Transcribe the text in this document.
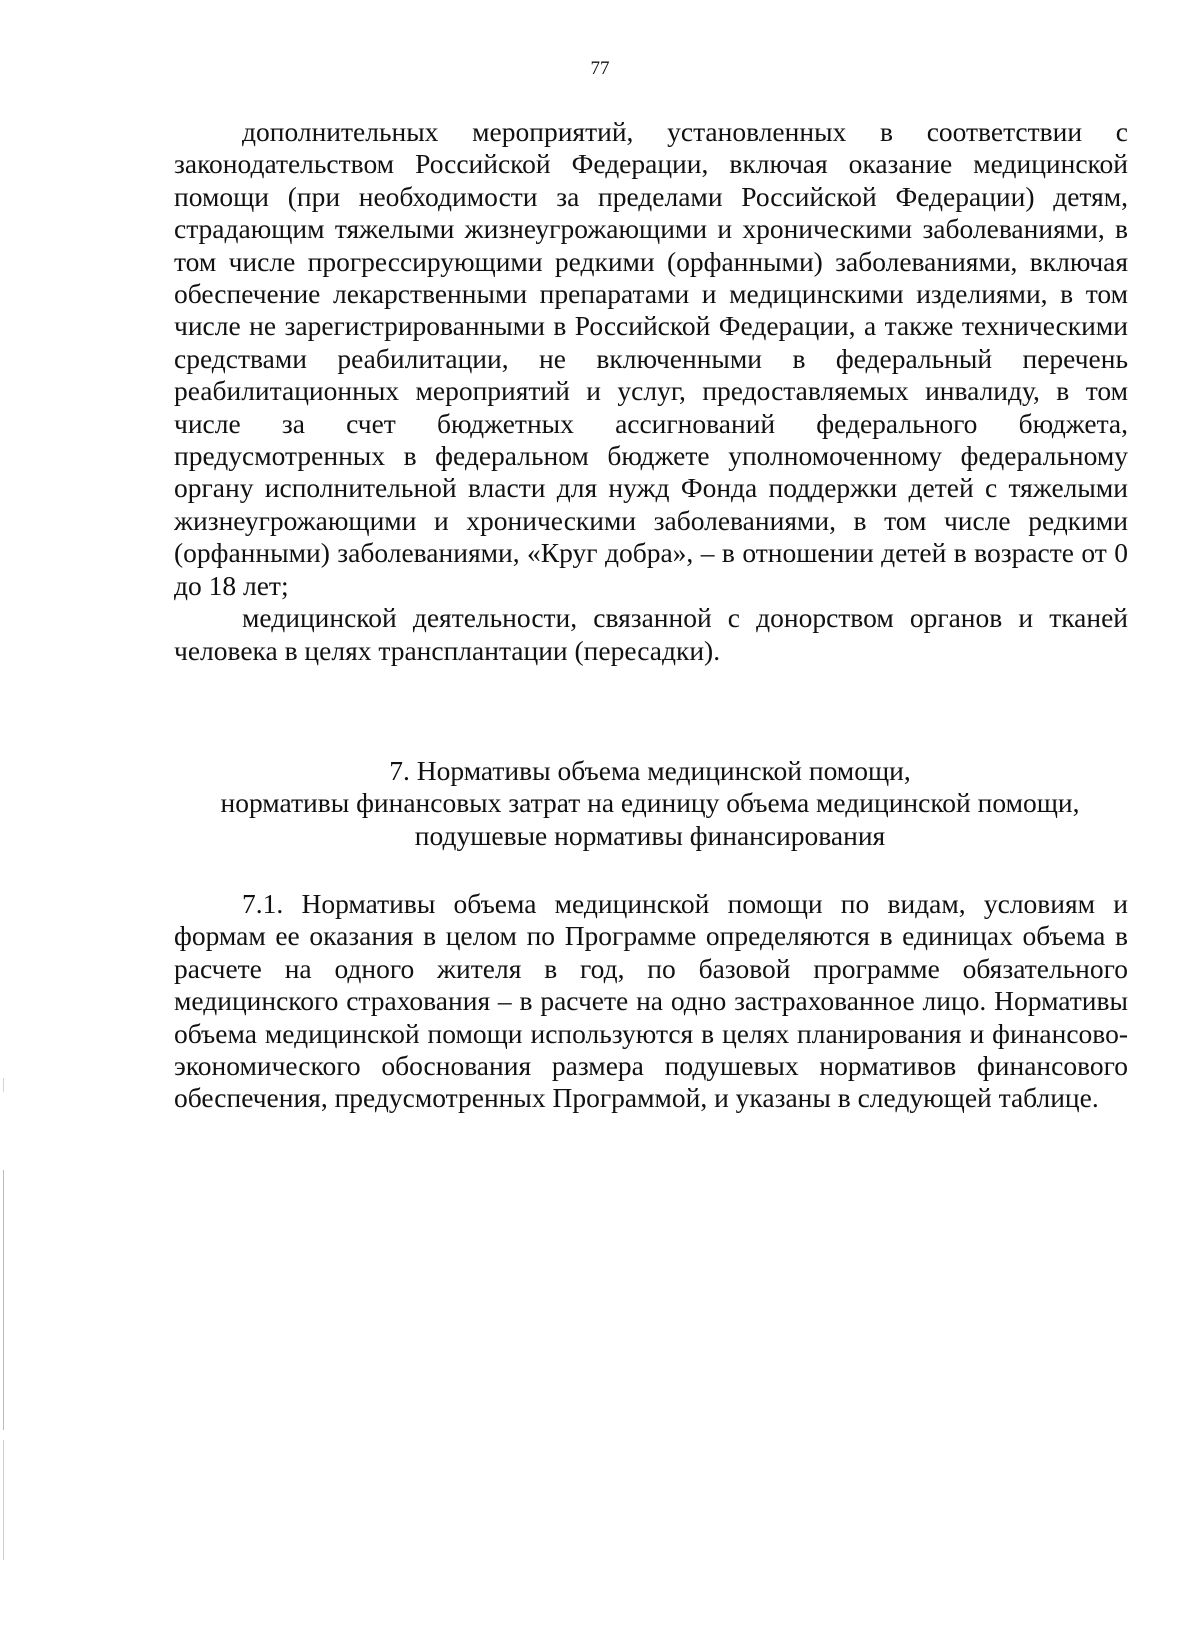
77

дополнительных мероприятий, установленных в соответствии с законодательством Российской Федерации, включая оказание медицинской помощи (при необходимости за пределами Российской Федерации) детям, страдающим тяжелыми жизнеугрожающими и хроническими заболеваниями, в том числе прогрессирующими редкими (орфанными) заболеваниями, включая обеспечение лекарственными препаратами и медицинскими изделиями, в том числе не зарегистрированными в Российской Федерации, а также техническими средствами реабилитации, не включенными в федеральный перечень реабилитационных мероприятий и услуг, предоставляемых инвалиду, в том числе за счет бюджетных ассигнований федерального бюджета, предусмотренных в федеральном бюджете уполномоченному федеральному органу исполнительной власти для нужд Фонда поддержки детей с тяжелыми жизнеугрожающими и хроническими заболеваниями, в том числе редкими (орфанными) заболеваниями, «Круг добра», – в отношении детей в возрасте от 0 до 18 лет;

медицинской деятельности, связанной с донорством органов и тканей человека в целях трансплантации (пересадки).

7. Нормативы объема медицинской помощи,
нормативы финансовых затрат на единицу объема медицинской помощи,
подушевые нормативы финансирования

7.1. Нормативы объема медицинской помощи по видам, условиям и формам ее оказания в целом по Программе определяются в единицах объема в расчете на одного жителя в год, по базовой программе обязательного медицинского страхования – в расчете на одно застрахованное лицо. Нормативы объема медицинской помощи используются в целях планирования и финансово-экономического обоснования размера подушевых нормативов финансового обеспечения, предусмотренных Программой, и указаны в следующей таблице.
